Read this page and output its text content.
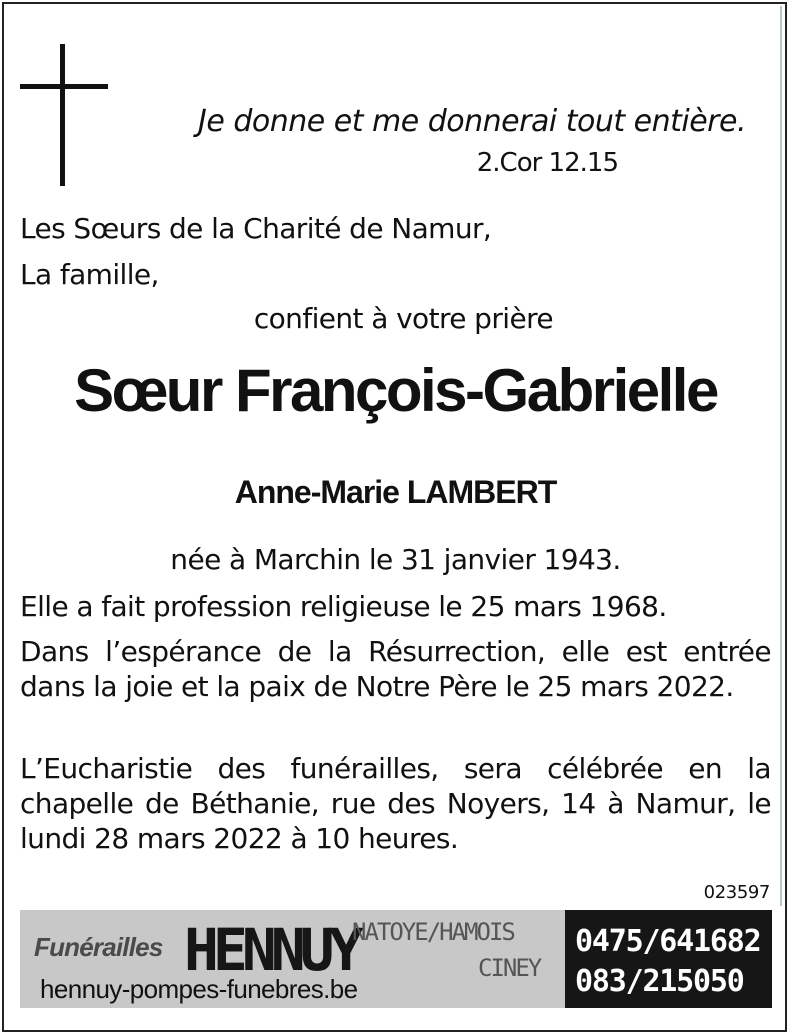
Je donne et me donnerai tout entière.
2.Cor 12.15
Les Sœurs de la Charité de Namur,
La famille,
confient à votre prière
Sœur François-Gabrielle
Anne-Marie LAMBERT
née à Marchin le 31 janvier 1943.
Elle a fait profession religieuse le 25 mars 1968.
Dans l’espérance de la Résurrection, elle est entrée dans la joie et la paix de Notre Père le 25 mars 2022.
L’Eucharistie des funérailles, sera célébrée en la chapelle de Béthanie, rue des Noyers, 14 à Namur, le lundi 28 mars 2022 à 10 heures.
023597
Funérailles HENNUY
NATOYE/HAMOIS
CINEY
hennuy-pompes-funebres.be
0475/641682
083/215050
